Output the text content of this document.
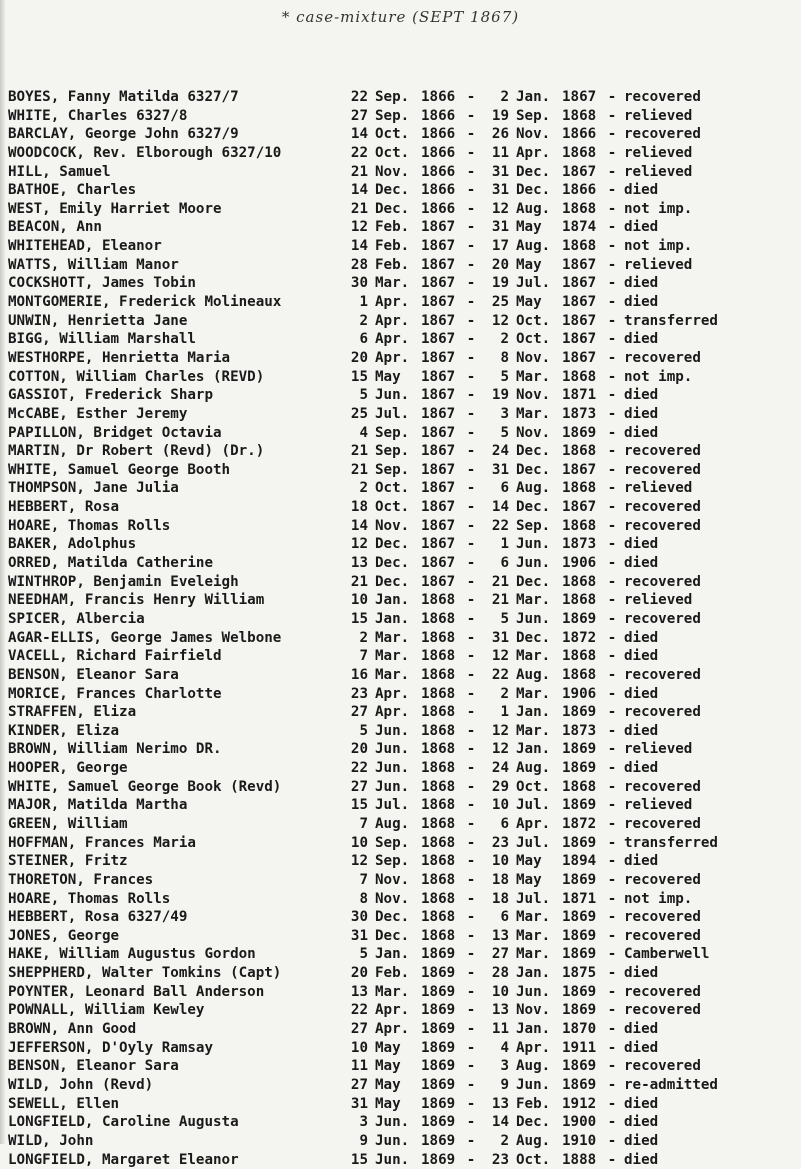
* case-mixture (SEPT 1867)
BOYES, Fanny Matilda 6327/7	22 Sep. 1866 -	2 Jan. 1867 - recovered
WHITE, Charles 6327/8	27 Sep. 1866 -	19 Sep. 1868 - relieved
BARCLAY, George John 6327/9	14 Oct. 1866 -	26 Nov. 1866 - recovered
WOODCOCK, Rev. Elborough 6327/10	22 Oct. 1866 -	11 Apr. 1868 - relieved
HILL, Samuel	21 Nov. 1866 -	31 Dec. 1867 - relieved
BATHOE, Charles	14 Dec. 1866 -	31 Dec. 1866 - died
WEST, Emily Harriet Moore	21 Dec. 1866 -	12 Aug. 1868 - not imp.
BEACON, Ann	12 Feb. 1867 -	31 May	1874 - died
WHITEHEAD, Eleanor	14 Feb. 1867 -	17 Aug. 1868 - not imp.
WATTS, William Manor	28 Feb. 1867 -	20 May	1867 - relieved
COCKSHOTT, James Tobin	30 Mar. 1867 -	19 Jul. 1867 - died
MONTGOMERIE, Frederick Molineaux	1 Apr. 1867 -	25 May	1867 - died
UNWIN, Henrietta Jane	2 Apr. 1867 -	12 Oct. 1867 - transferred
BIGG, William Marshall	6 Apr. 1867 -	2 Oct. 1867 - died
WESTHORPE, Henrietta Maria	20 Apr. 1867 -	8 Nov. 1867 - recovered
COTTON, William Charles (REVD)	15 May	1867 -	5 Mar. 1868 - not imp.
GASSIOT, Frederick Sharp	5 Jun. 1867 -	19 Nov. 1871 - died
McCABE, Esther Jeremy	25 Jul. 1867 -	3 Mar. 1873 - died
PAPILLON, Bridget Octavia	4 Sep. 1867 -	5 Nov. 1869 - died
MARTIN, Dr Robert (Revd) (Dr.)	21 Sep. 1867 -	24 Dec. 1868 - recovered
WHITE, Samuel George Booth	21 Sep. 1867 -	31 Dec. 1867 - recovered
THOMPSON, Jane Julia	2 Oct. 1867 -	6 Aug. 1868 - relieved
HEBBERT, Rosa	18 Oct. 1867 -	14 Dec. 1867 - recovered
HOARE, Thomas Rolls	14 Nov. 1867 -	22 Sep. 1868 - recovered
BAKER, Adolphus	12 Dec. 1867 -	1 Jun. 1873 - died
ORRED, Matilda Catherine	13 Dec. 1867 -	6 Jun. 1906 - died
WINTHROP, Benjamin Eveleigh	21 Dec. 1867 -	21 Dec. 1868 - recovered
NEEDHAM, Francis Henry William	10 Jan. 1868 -	21 Mar. 1868 - relieved
SPICER, Albercia	15 Jan. 1868 -	5 Jun. 1869 - recovered
AGAR-ELLIS, George James Welbone	2 Mar. 1868 -	31 Dec. 1872 - died
VACELL, Richard Fairfield	7 Mar. 1868 -	12 Mar. 1868 - died
BENSON, Eleanor Sara	16 Mar. 1868 -	22 Aug. 1868 - recovered
MORICE, Frances Charlotte	23 Apr. 1868 -	2 Mar. 1906 - died
STRAFFEN, Eliza	27 Apr. 1868 -	1 Jan. 1869 - recovered
KINDER, Eliza	5 Jun. 1868 -	12 Mar. 1873 - died
BROWN, William Nerimo DR.	20 Jun. 1868 -	12 Jan. 1869 - relieved
HOOPER, George	22 Jun. 1868 -	24 Aug. 1869 - died
WHITE, Samuel George Book (Revd)	27 Jun. 1868 -	29 Oct. 1868 - recovered
MAJOR, Matilda Martha	15 Jul. 1868 -	10 Jul. 1869 - relieved
GREEN, William	7 Aug. 1868 -	6 Apr. 1872 - recovered
HOFFMAN, Frances Maria	10 Sep. 1868 -	23 Jul. 1869 - transferred
STEINER, Fritz	12 Sep. 1868 -	10 May	1894 - died
THORETON, Frances	7 Nov. 1868 -	18 May	1869 - recovered
HOARE, Thomas Rolls	8 Nov. 1868 -	18 Jul. 1871 - not imp.
HEBBERT, Rosa 6327/49	30 Dec. 1868 -	6 Mar. 1869 - recovered
JONES, George	31 Dec. 1868 -	13 Mar. 1869 - recovered
HAKE, William Augustus Gordon	5 Jan. 1869 -	27 Mar. 1869 - Camberwell
SHEPPHERD, Walter Tomkins (Capt)	20 Feb. 1869 -	28 Jan. 1875 - died
POYNTER, Leonard Ball Anderson	13 Mar. 1869 -	10 Jun. 1869 - recovered
POWNALL, William Kewley	22 Apr. 1869 -	13 Nov. 1869 - recovered
BROWN, Ann Good	27 Apr. 1869 -	11 Jan. 1870 - died
JEFFERSON, D'Oyly Ramsay	10 May	1869 -	4 Apr. 1911 - died
BENSON, Eleanor Sara	11 May	1869 -	3 Aug. 1869 - recovered
WILD, John (Revd)	27 May	1869 -	9 Jun. 1869 - re-admitted
SEWELL, Ellen	31 May	1869 -	13 Feb. 1912 - died
LONGFIELD, Caroline Augusta	3 Jun. 1869 -	14 Dec. 1900 - died
WILD, John	9 Jun. 1869 -	2 Aug. 1910 - died
LONGFIELD, Margaret Eleanor	15 Jun. 1869 -	23 Oct. 1888 - died
